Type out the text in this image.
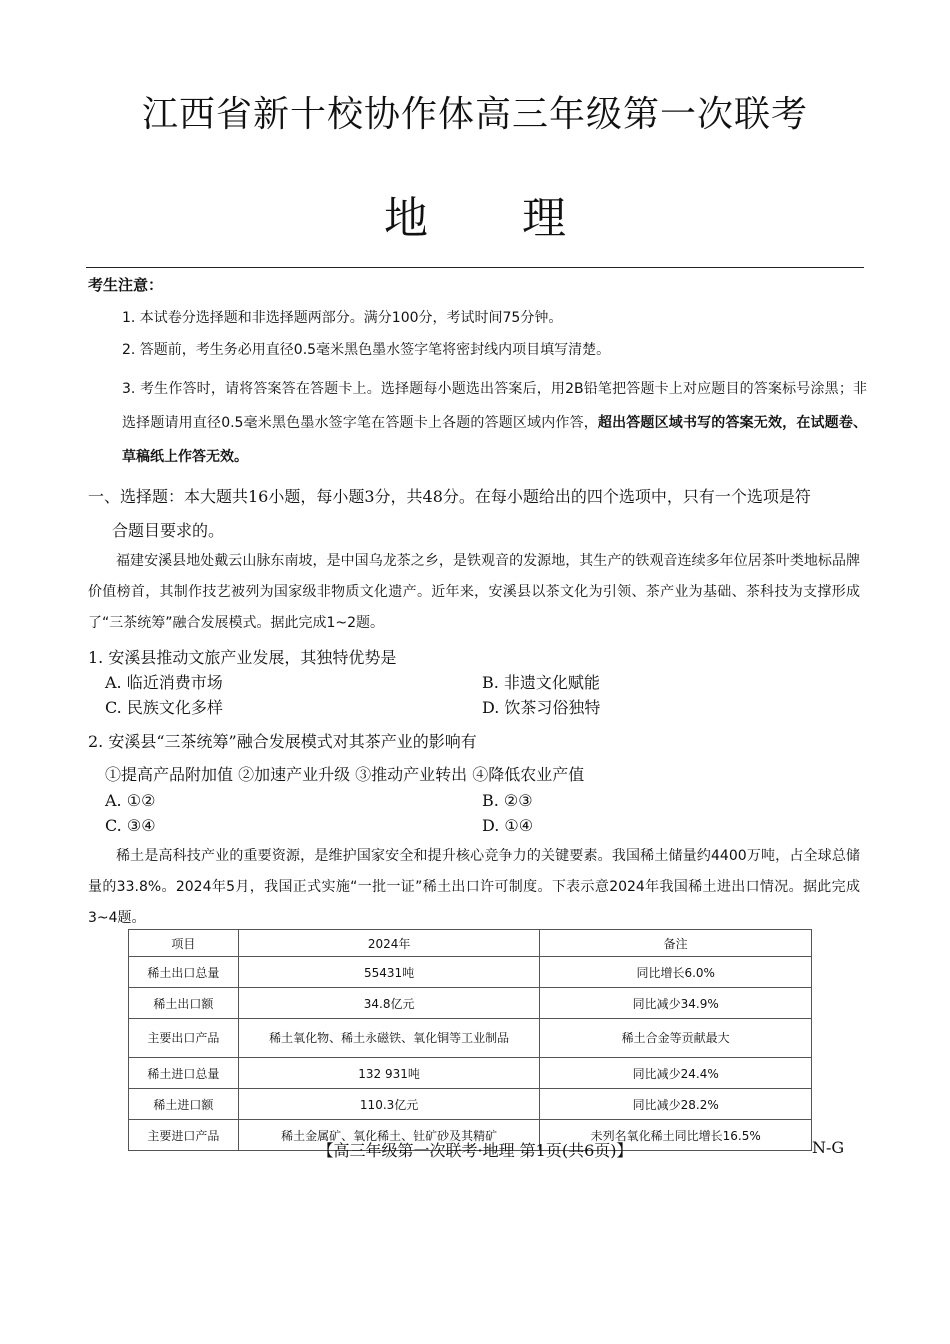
江西省新十校协作体高三年级第一次联考
地 理
考生注意：
1. 本试卷分选择题和非选择题两部分。满分100分，考试时间75分钟。
2. 答题前，考生务必用直径0.5毫米黑色墨水签字笔将密封线内项目填写清楚。
3. 考生作答时，请将答案答在答题卡上。选择题每小题选出答案后，用2B铅笔把答题卡上对应题目的答案标号涂黑；非选择题请用直径0.5毫米黑色墨水签字笔在答题卡上各题的答题区域内作答，超出答题区域书写的答案无效，在试题卷、草稿纸上作答无效。
一、选择题：本大题共16小题，每小题3分，共48分。在每小题给出的四个选项中，只有一个选项是符
合题目要求的。
福建安溪县地处戴云山脉东南坡，是中国乌龙茶之乡，是铁观音的发源地，其生产的铁观音连续多年位居茶叶类地标品牌价值榜首，其制作技艺被列为国家级非物质文化遗产。近年来，安溪县以茶文化为引领、茶产业为基础、茶科技为支撑形成了“三茶统筹”融合发展模式。据此完成1~2题。
1. 安溪县推动文旅产业发展，其独特优势是
A. 临近消费市场	B. 非遗文化赋能
C. 民族文化多样	D. 饮茶习俗独特
2. 安溪县“三茶统筹”融合发展模式对其茶产业的影响有
①提高产品附加值 ②加速产业升级 ③推动产业转出 ④降低农业产值
A. ①②	B. ②③
C. ③④	D. ①④
稀土是高科技产业的重要资源，是维护国家安全和提升核心竞争力的关键要素。我国稀土储量约4400万吨，占全球总储量的33.8%。2024年5月，我国正式实施“一批一证”稀土出口许可制度。下表示意2024年我国稀土进出口情况。据此完成3~4题。
项目	2024年	备注
稀土出口总量	55431吨	同比增长6.0%
稀土出口额	34.8亿元	同比减少34.9%
主要出口产品	稀土氧化物、稀土永磁铁、氧化铜等工业制品	稀土合金等贡献最大
稀土进口总量	132 931吨	同比减少24.4%
稀土进口额	110.3亿元	同比减少28.2%
主要进口产品	稀土金属矿、氧化稀土、钍矿砂及其精矿	未列名氧化稀土同比增长16.5%
【高三年级第一次联考·地理 第1页(共6页)】	N-G
